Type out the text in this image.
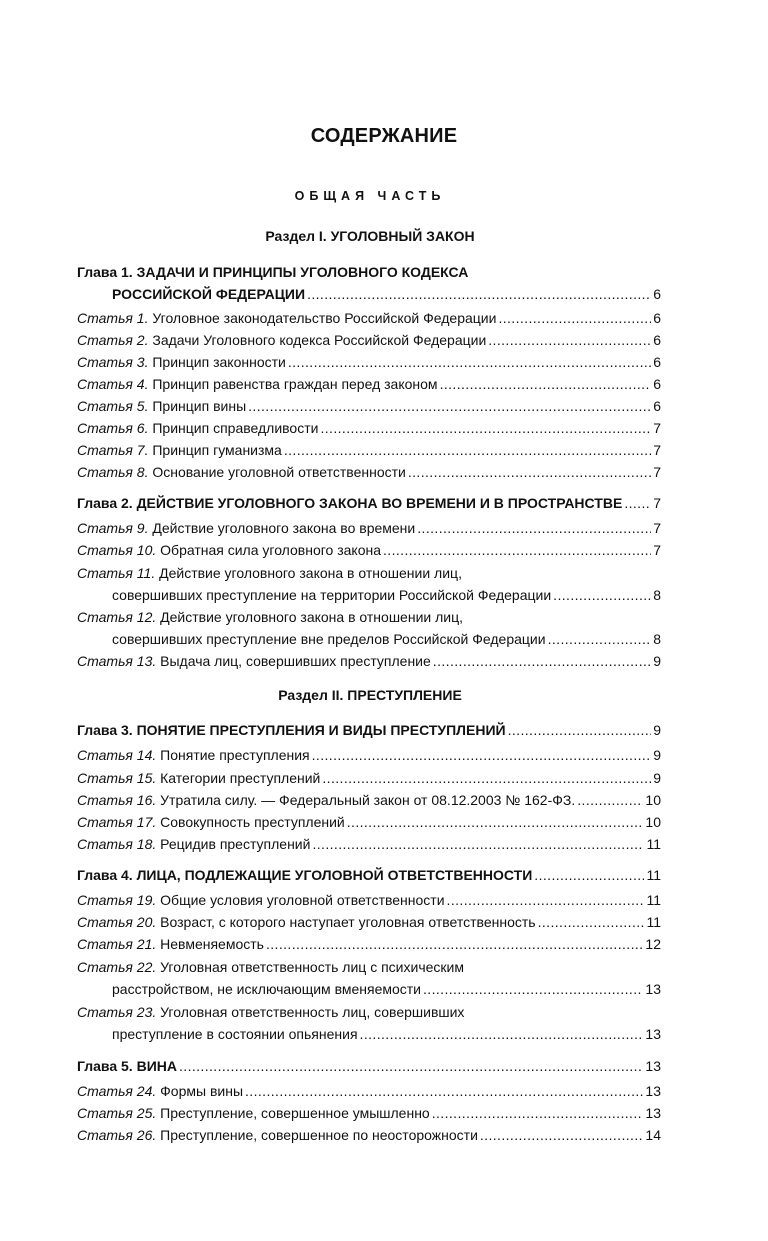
СОДЕРЖАНИЕ
ОБЩАЯ ЧАСТЬ
Раздел I. УГОЛОВНЫЙ ЗАКОН
Раздел II. ПРЕСТУПЛЕНИЕ
Глава 1. ЗАДАЧИ И ПРИНЦИПЫ УГОЛОВНОГО КОДЕКСА
РОССИЙСКОЙ ФЕДЕРАЦИИ .....	6
Статья 1. Уголовное законодательство Российской Федерации .....	6
Статья 2. Задачи Уголовного кодекса Российской Федерации .....	6
Статья 3. Принцип законности .....	6
Статья 4. Принцип равенства граждан перед законом .....	6
Статья 5. Принцип вины .....	6
Статья 6. Принцип справедливости .....	7
Статья 7. Принцип гуманизма .....	7
Статья 8. Основание уголовной ответственности .....	7
Глава 2. ДЕЙСТВИЕ УГОЛОВНОГО ЗАКОНА ВО ВРЕМЕНИ И В ПРОСТРАНСТВЕ ..... 7
Статья 9. Действие уголовного закона во времени .....	7
Статья 10. Обратная сила уголовного закона .....	7
Статья 11. Действие уголовного закона в отношении лиц,
совершивших преступление на территории Российской Федерации .....	8
Статья 12. Действие уголовного закона в отношении лиц,
совершивших преступление вне пределов Российской Федерации .....	8
Статья 13. Выдача лиц, совершивших преступление .....	9
Глава 3. ПОНЯТИЕ ПРЕСТУПЛЕНИЯ И ВИДЫ ПРЕСТУПЛЕНИЙ .....	9
Статья 14. Понятие преступления .....	9
Статья 15. Категории преступлений .....	9
Статья 16. Утратила силу. — Федеральный закон от 08.12.2003 № 162-ФЗ. .....	10
Статья 17. Совокупность преступлений .....	10
Статья 18. Рецидив преступлений .....	11
Глава 4. ЛИЦА, ПОДЛЕЖАЩИЕ УГОЛОВНОЙ ОТВЕТСТВЕННОСТИ .....	11
Статья 19. Общие условия уголовной ответственности .....	11
Статья 20. Возраст, с которого наступает уголовная ответственность .....	11
Статья 21. Невменяемость .....	12
Статья 22. Уголовная ответственность лиц с психическим
расстройством, не исключающим вменяемости .....	13
Статья 23. Уголовная ответственность лиц, совершивших
преступление в состоянии опьянения .....	13
Глава 5. ВИНА .....	13
Статья 24. Формы вины .....	13
Статья 25. Преступление, совершенное умышленно .....	13
Статья 26. Преступление, совершенное по неосторожности .....	14
